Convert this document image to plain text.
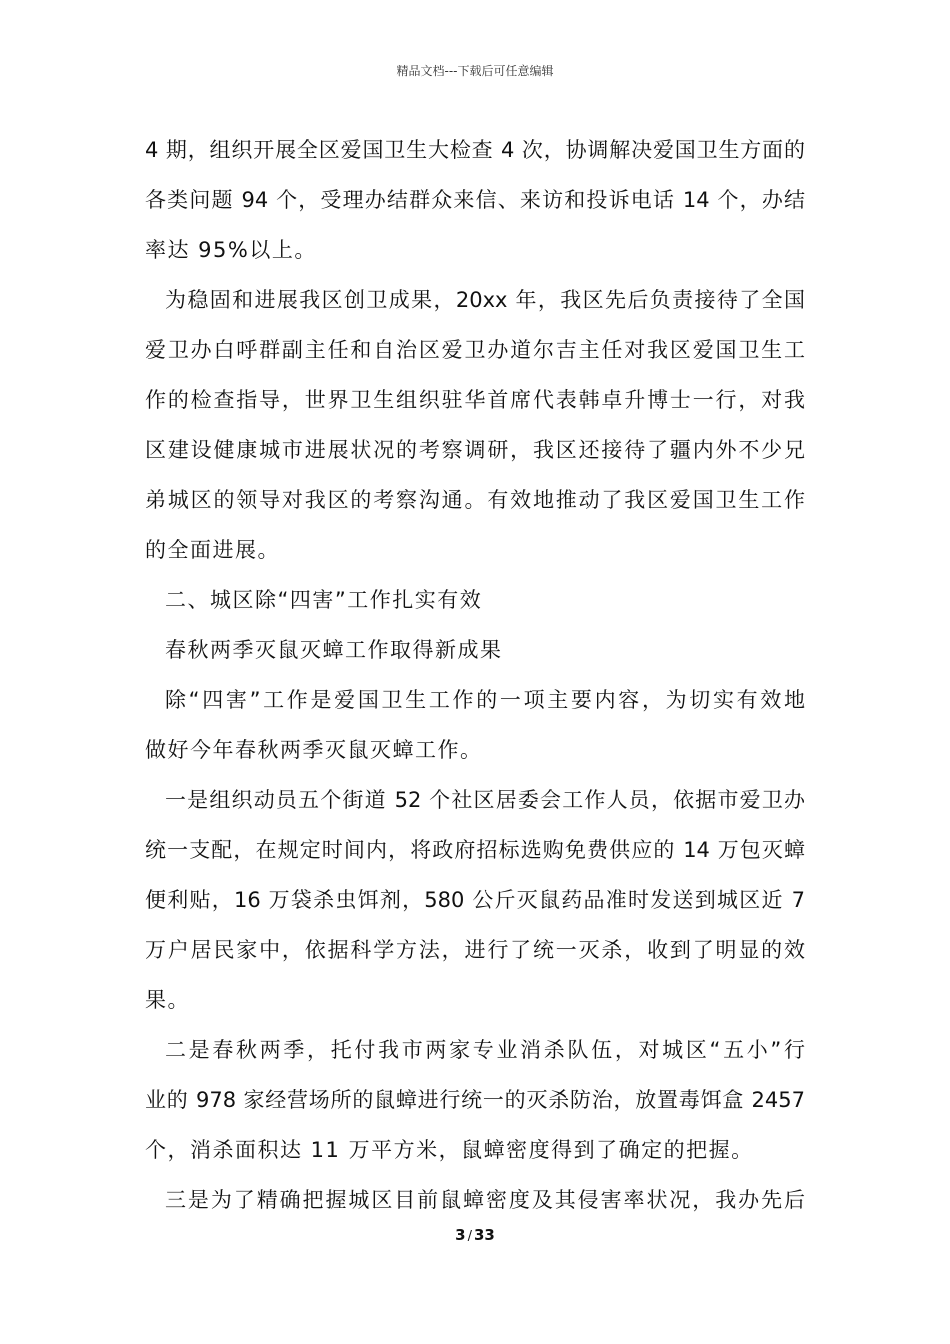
精品文档---下载后可任意编辑
4 期，组织开展全区爱国卫生大检查 4 次，协调解决爱国卫生方面的
各类问题 94 个，受理办结群众来信、来访和投诉电话 14 个，办结
率达 95%以上。
为稳固和进展我区创卫成果，20xx 年，我区先后负责接待了全国
爱卫办白呼群副主任和自治区爱卫办道尔吉主任对我区爱国卫生工
作的检查指导，世界卫生组织驻华首席代表韩卓升博士一行，对我
区建设健康城市进展状况的考察调研，我区还接待了疆内外不少兄
弟城区的领导对我区的考察沟通。有效地推动了我区爱国卫生工作
的全面进展。
二、城区除“四害”工作扎实有效
春秋两季灭鼠灭蟑工作取得新成果
除“四害”工作是爱国卫生工作的一项主要内容，为切实有效地
做好今年春秋两季灭鼠灭蟑工作。
一是组织动员五个街道 52 个社区居委会工作人员，依据市爱卫办
统一支配，在规定时间内，将政府招标选购免费供应的 14 万包灭蟑
便利贴，16 万袋杀虫饵剂，580 公斤灭鼠药品准时发送到城区近 7
万户居民家中，依据科学方法，进行了统一灭杀，收到了明显的效
果。
二是春秋两季，托付我市两家专业消杀队伍，对城区“五小”行
业的 978 家经营场所的鼠蟑进行统一的灭杀防治，放置毒饵盒 2457
个，消杀面积达 11 万平方米，鼠蟑密度得到了确定的把握。
三是为了精确把握城区目前鼠蟑密度及其侵害率状况，我办先后
3 / 33
